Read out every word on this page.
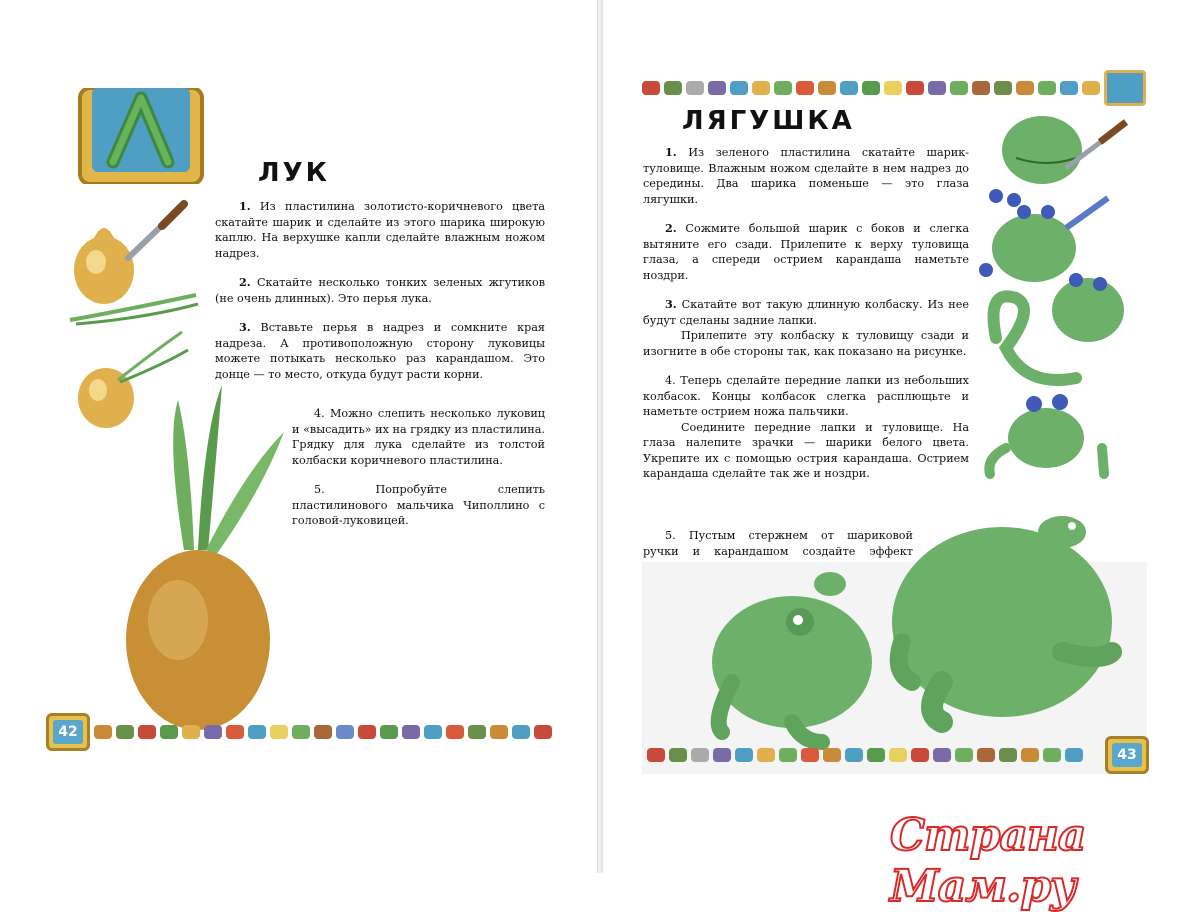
ЛУК

1. Из пластилина золотисто-коричневого цвета скатайте шарик и сделайте из этого шарика широкую каплю. На верхушке капли сделайте влажным ножом надрез.

2. Скатайте несколько тонких зеленых жгутиков (не очень длинных). Это перья лука.

3. Вставьте перья в надрез и сомкните края надреза. А противоположную сторону луковицы можете потыкать несколько раз карандашом. Это донце — то место, откуда будут расти корни.

4. Можно слепить несколько луковиц и «высадить» их на грядку из пластилина. Грядку для лука сделайте из толстой колбаски коричневого пластилина.

5.	Попробуйте слепить пластилинового мальчика Чиполлино с головой-луковицей.

42
ЛЯГУШКА

1. Из зеленого пластилина скатайте шарик-туловище. Влажным ножом сделайте в нем надрез до середины. Два шарика поменьше — это глаза лягушки.

2. Сожмите большой шарик с боков и слегка вытяните его сзади. Прилепите к верху туловища глаза, а спереди острием карандаша наметьте ноздри.

3. Скатайте вот такую длинную колбаску. Из нее будут сделаны задние лапки.

Прилепите эту колбаску к туловищу сзади и изогните в обе стороны так, как показано на рисунке.

4. Теперь сделайте передние лапки из небольших колбасок. Концы колбасок слегка расплющьте и наметьте острием ножа пальчики.

Соедините передние лапки и туловище. На глаза налепите зрачки — шарики белого цвета. Укрепите их с помощью острия карандаша. Острием карандаша сделайте так же и ноздри.

5. Пустым стержнем от шариковой ручки и карандашом создайте эффект

43
Страна Мам.ру
